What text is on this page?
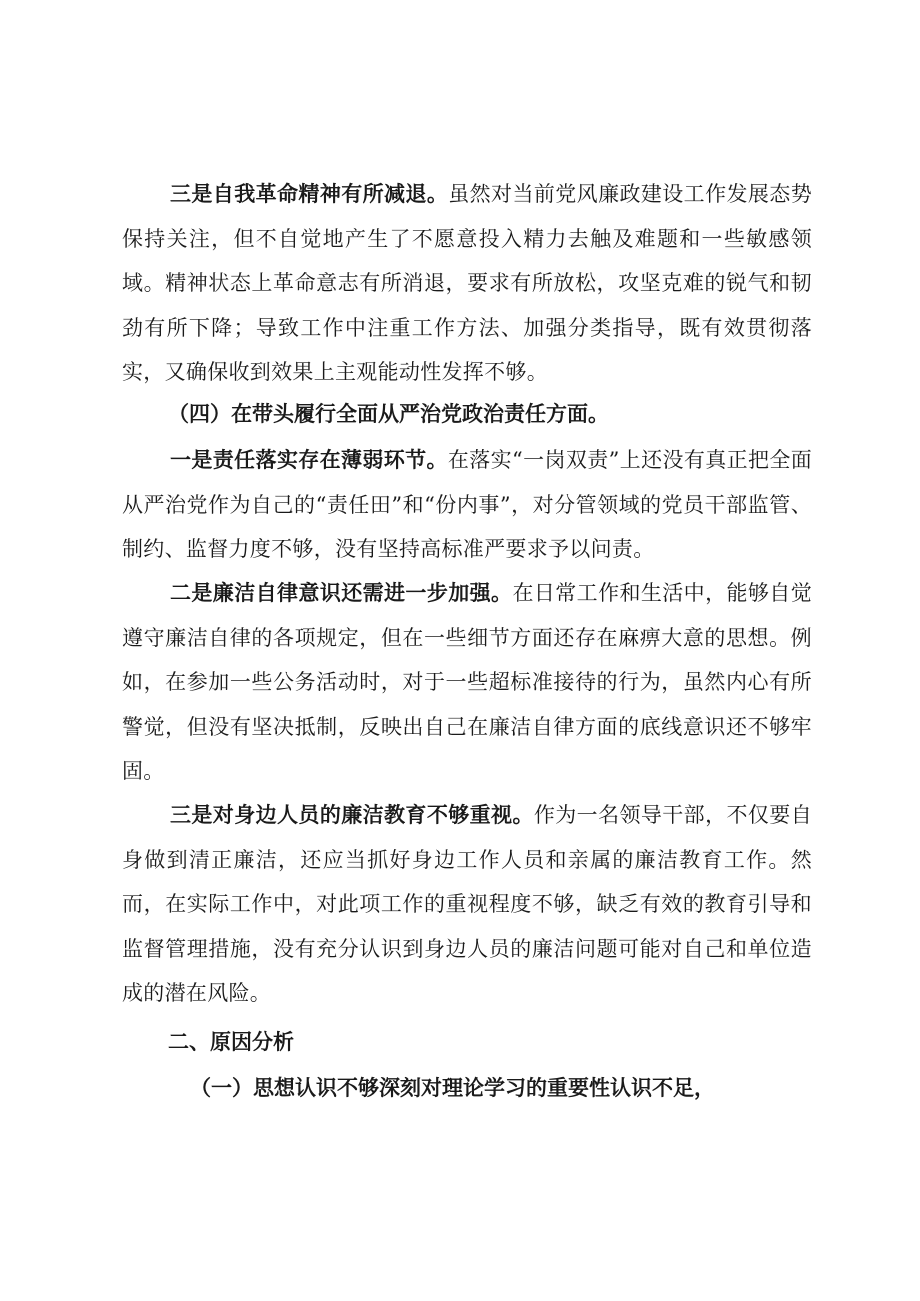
三是自我革命精神有所减退。虽然对当前党风廉政建设工作发展态势保持关注，但不自觉地产生了不愿意投入精力去触及难题和一些敏感领域。精神状态上革命意志有所消退，要求有所放松，攻坚克难的锐气和韧劲有所下降；导致工作中注重工作方法、加强分类指导，既有效贯彻落实，又确保收到效果上主观能动性发挥不够。

（四）在带头履行全面从严治党政治责任方面。

一是责任落实存在薄弱环节。在落实“一岗双责”上还没有真正把全面从严治党作为自己的“责任田”和“份内事”，对分管领域的党员干部监管、制约、监督力度不够，没有坚持高标准严要求予以问责。

二是廉洁自律意识还需进一步加强。在日常工作和生活中，能够自觉遵守廉洁自律的各项规定，但在一些细节方面还存在麻痹大意的思想。例如，在参加一些公务活动时，对于一些超标准接待的行为，虽然内心有所警觉，但没有坚决抵制，反映出自己在廉洁自律方面的底线意识还不够牢固。

三是对身边人员的廉洁教育不够重视。作为一名领导干部，不仅要自身做到清正廉洁，还应当抓好身边工作人员和亲属的廉洁教育工作。然而，在实际工作中，对此项工作的重视程度不够，缺乏有效的教育引导和监督管理措施，没有充分认识到身边人员的廉洁问题可能对自己和单位造成的潜在风险。

二、原因分析
（一）思想认识不够深刻对理论学习的重要性认识不足，
